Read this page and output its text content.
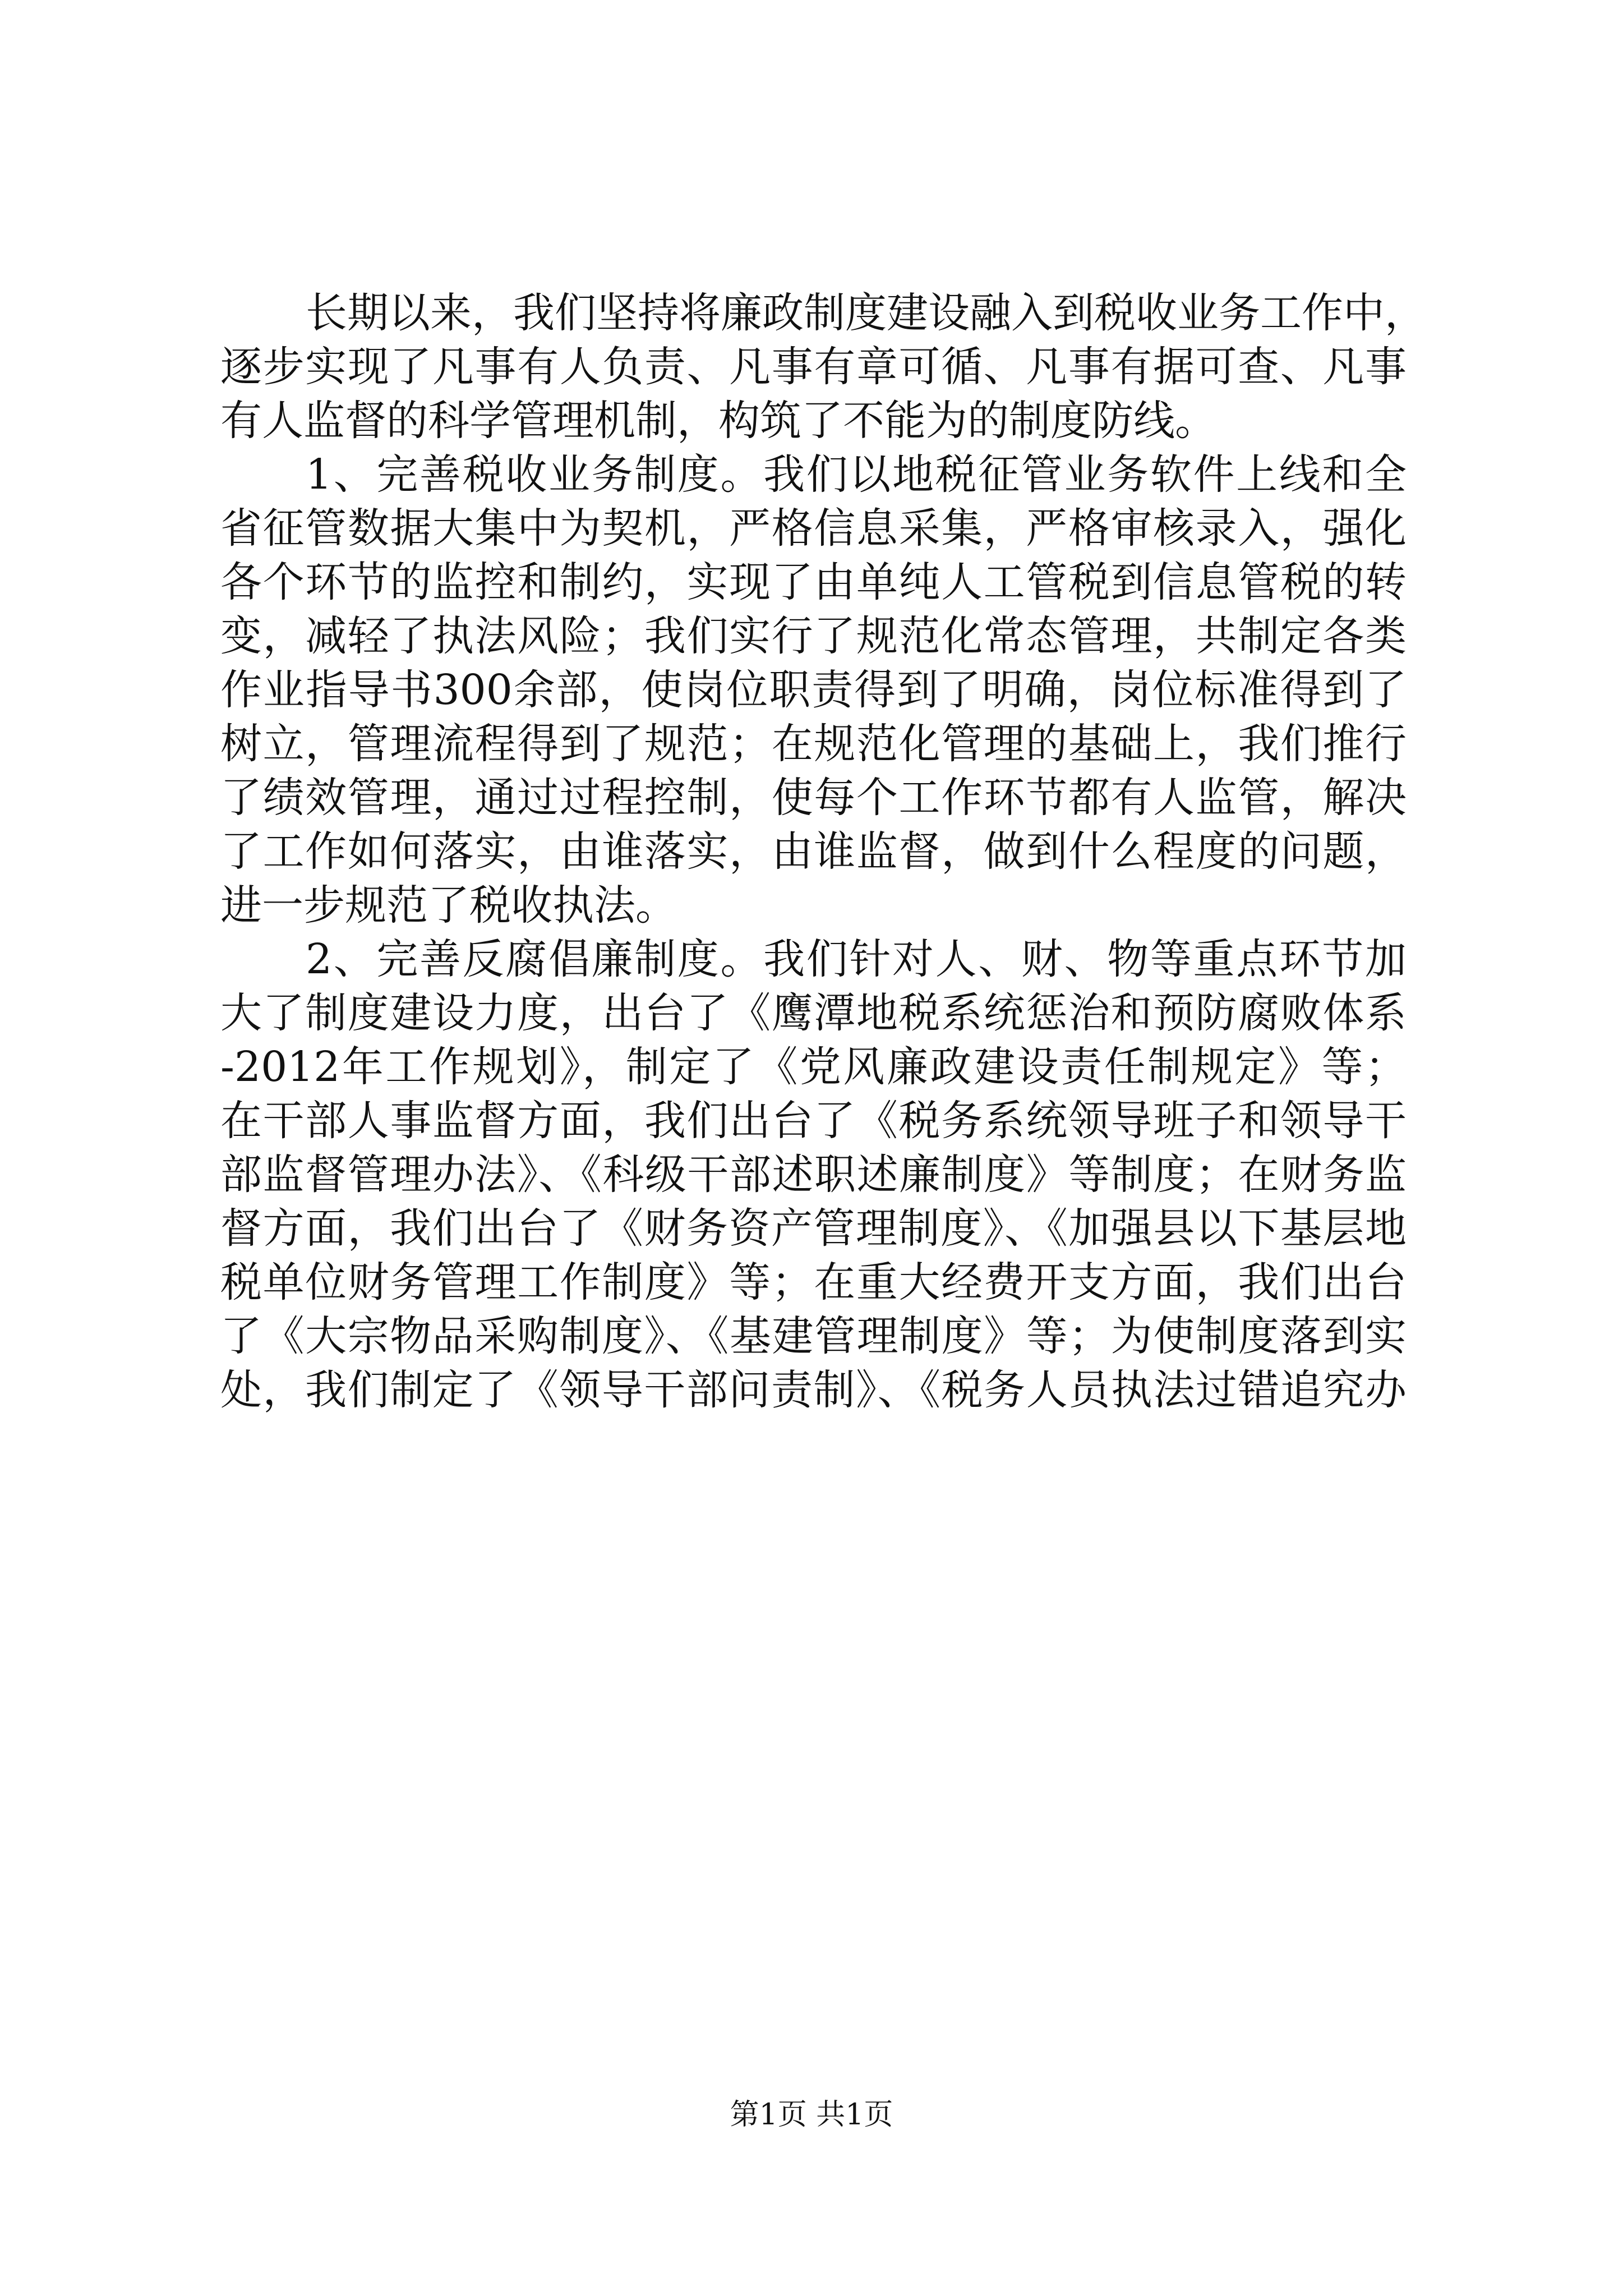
长期以来，我们坚持将廉政制度建设融入到税收业务工作中，
逐步实现了凡事有人负责、凡事有章可循、凡事有据可查、凡事
有人监督的科学管理机制，构筑了不能为的制度防线。
1、完善税收业务制度。我们以地税征管业务软件上线和全
省征管数据大集中为契机，严格信息采集，严格审核录入，强化
各个环节的监控和制约，实现了由单纯人工管税到信息管税的转
变，减轻了执法风险；我们实行了规范化常态管理，共制定各类
作业指导书300余部，使岗位职责得到了明确，岗位标准得到了
树立，管理流程得到了规范；在规范化管理的基础上，我们推行
了绩效管理，通过过程控制，使每个工作环节都有人监管，解决
了工作如何落实，由谁落实，由谁监督，做到什么程度的问题，
进一步规范了税收执法。
2、完善反腐倡廉制度。我们针对人、财、物等重点环节加
大了制度建设力度，出台了《鹰潭地税系统惩治和预防腐败体系
-2012年工作规划》，制定了《党风廉政建设责任制规定》等；
在干部人事监督方面，我们出台了《税务系统领导班子和领导干
部监督管理办法》、《科级干部述职述廉制度》等制度；在财务监
督方面，我们出台了《财务资产管理制度》、《加强县以下基层地
税单位财务管理工作制度》等；在重大经费开支方面，我们出台
了《大宗物品采购制度》、《基建管理制度》等；为使制度落到实
处，我们制定了《领导干部问责制》、《税务人员执法过错追究办
第1页 共1页
